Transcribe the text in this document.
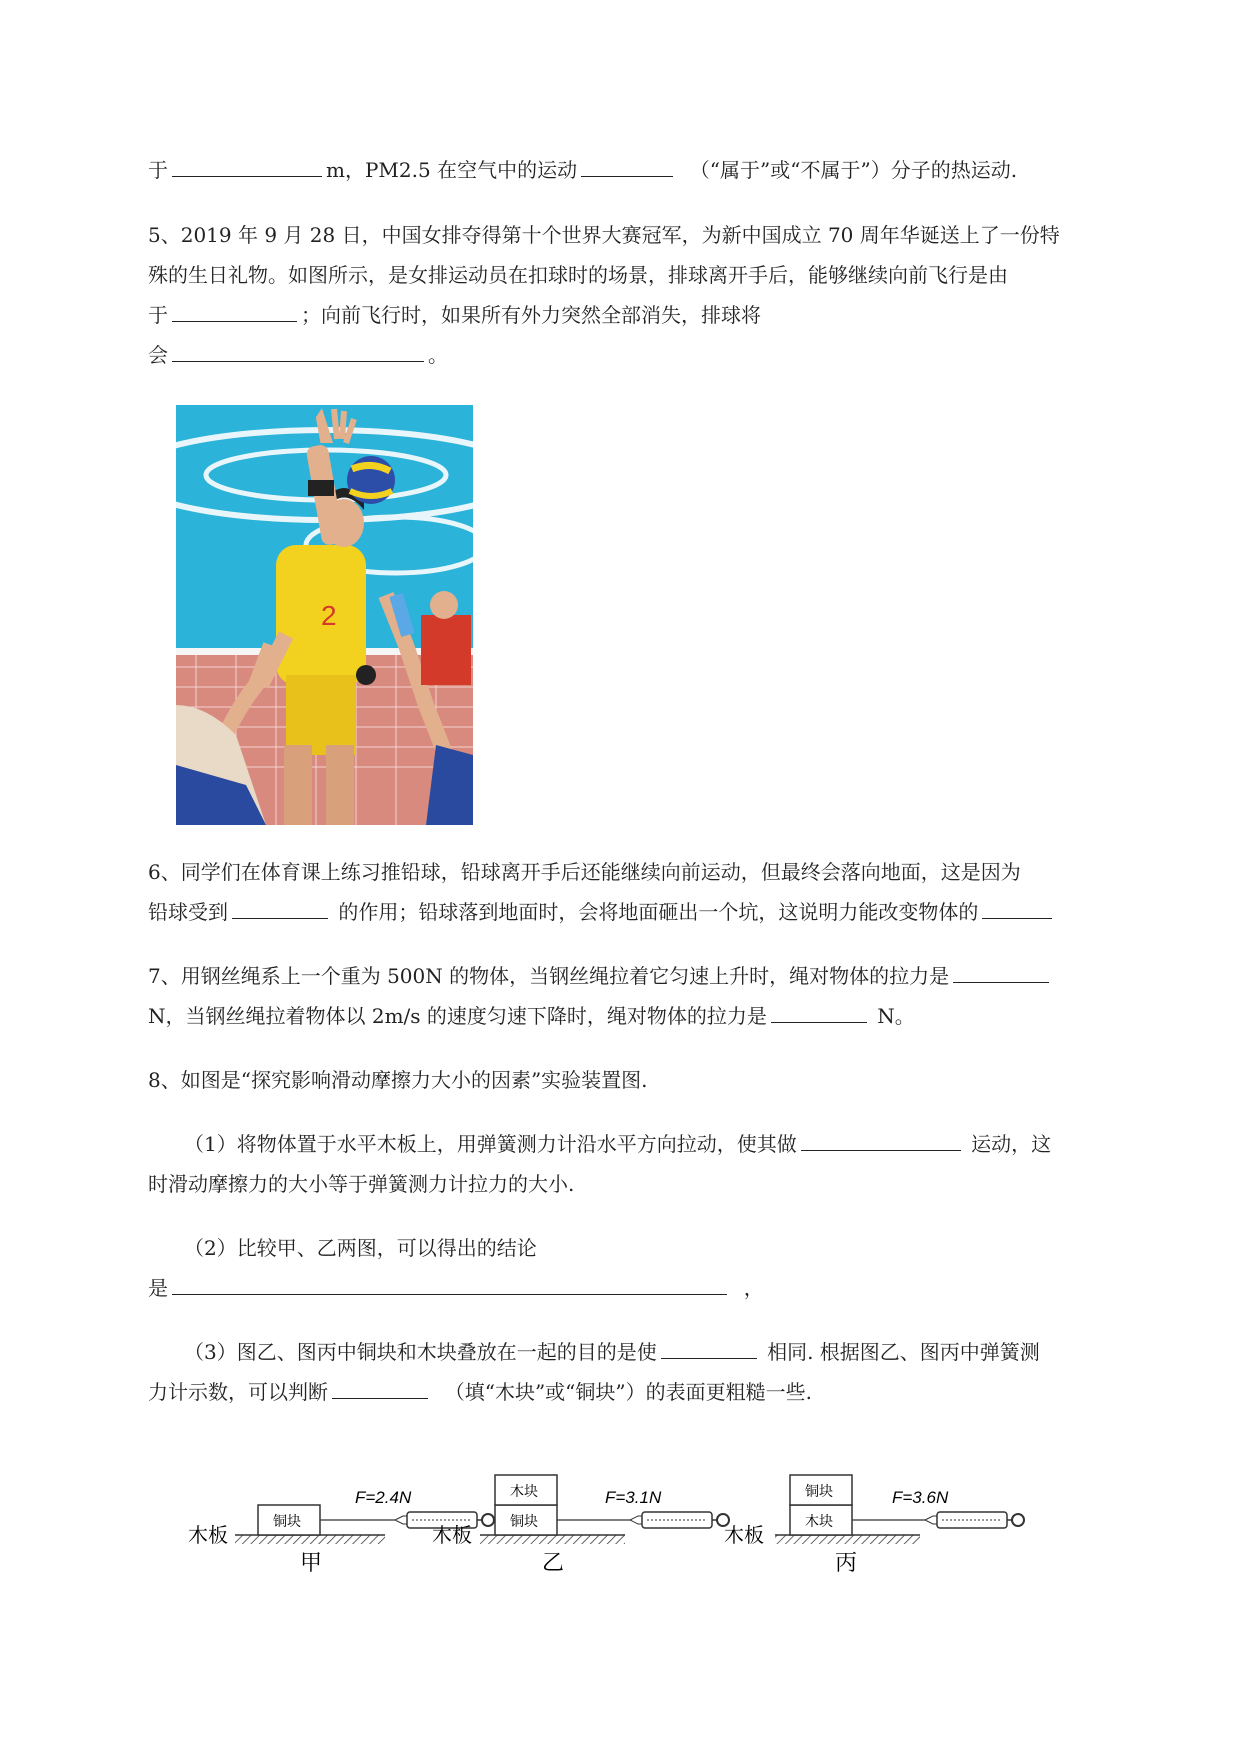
于	m，PM2.5 在空气中的运动	（“属于”或“不属于”）分子的热运动.
5、2019 年 9 月 28 日，中国女排夺得第十个世界大赛冠军，为新中国成立 70 周年华诞送上了一份特
殊的生日礼物。如图所示，是女排运动员在扣球时的场景，排球离开手后，能够继续向前飞行是由
于	；向前飞行时，如果所有外力突然全部消失，排球将
会	。
2
6、同学们在体育课上练习推铅球，铅球离开手后还能继续向前运动，但最终会落向地面，这是因为
铅球受到	的作用；铅球落到地面时，会将地面砸出一个坑，这说明力能改变物体的
7、用钢丝绳系上一个重为 500N 的物体，当钢丝绳拉着它匀速上升时，绳对物体的拉力是
N，当钢丝绳拉着物体以 2m/s 的速度匀速下降时，绳对物体的拉力是	N。
8、如图是“探究影响滑动摩擦力大小的因素”实验装置图.
（1）将物体置于水平木板上，用弹簧测力计沿水平方向拉动，使其做	运动，这
时滑动摩擦力的大小等于弹簧测力计拉力的大小.
（2）比较甲、乙两图，可以得出的结论
是	，
（3）图乙、图丙中铜块和木块叠放在一起的目的是使	相同. 根据图乙、图丙中弹簧测
力计示数，可以判断	（填“木块”或“铜块”）的表面更粗糙一些.
木板
铜块
F=2.4N
甲
木板
铜块
木块	F=3.1N
乙
木板
木块
铜块	F=3.6N
丙
